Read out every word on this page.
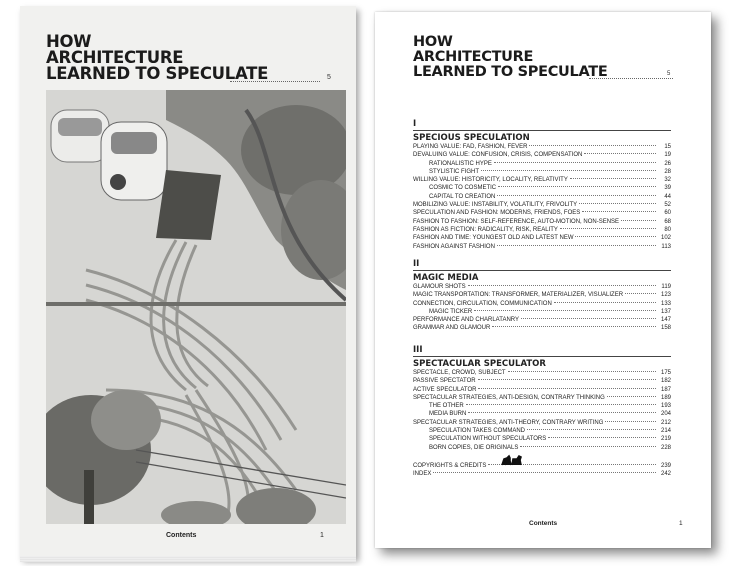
HOW
ARCHITECTURE
LEARNED TO SPECULATE	5
Contents	1
HOW
ARCHITECTURE
LEARNED TO SPECULATE	5
I
SPECIOUS SPECULATION
PLAYING VALUE: FAD, FASHION, FEVER	15
DEVALUING VALUE: CONFUSION, CRISIS, COMPENSATION	19
RATIONALISTIC HYPE	26
STYLISTIC FIGHT	28
WILLING VALUE: HISTORICITY, LOCALITY, RELATIVITY	32
COSMIC TO COSMETIC	39
CAPITAL TO CREATION	44
MOBILIZING VALUE: INSTABILITY, VOLATILITY, FRIVOLITY	52
SPECULATION AND FASHION: MODERNS, FRIENDS, FOES	60
FASHION TO FASHION: SELF-REFERENCE, AUTO-MOTION, NON-SENSE	68
FASHION AS FICTION: RADICALITY, RISK, REALITY	80
FASHION AND TIME: YOUNGEST OLD AND LATEST NEW	102
FASHION AGAINST FASHION	113
II
MAGIC MEDIA
GLAMOUR SHOTS	119
MAGIC TRANSPORTATION: TRANSFORMER, MATERIALIZER, VISUALIZER	123
CONNECTION, CIRCULATION, COMMUNICATION	133
MAGIC TICKER	137
PERFORMANCE AND CHARLATANRY	147
GRAMMAR AND GLAMOUR	158
III
SPECTACULAR SPECULATOR
SPECTACLE, CROWD, SUBJECT	175
PASSIVE SPECTATOR	182
ACTIVE SPECULATOR	187
SPECTACULAR STRATEGIES, ANTI-DESIGN, CONTRARY THINKING	189
THE OTHER	193
MEDIA BURN	204
SPECTACULAR STRATEGIES, ANTI-THEORY, CONTRARY WRITING	212
SPECULATION TAKES COMMAND	214
SPECULATION WITHOUT SPECULATORS	219
BORN COPIES, DIE ORIGINALS	228
COPYRIGHTS & CREDITS	239
INDEX	242
Contents	1
